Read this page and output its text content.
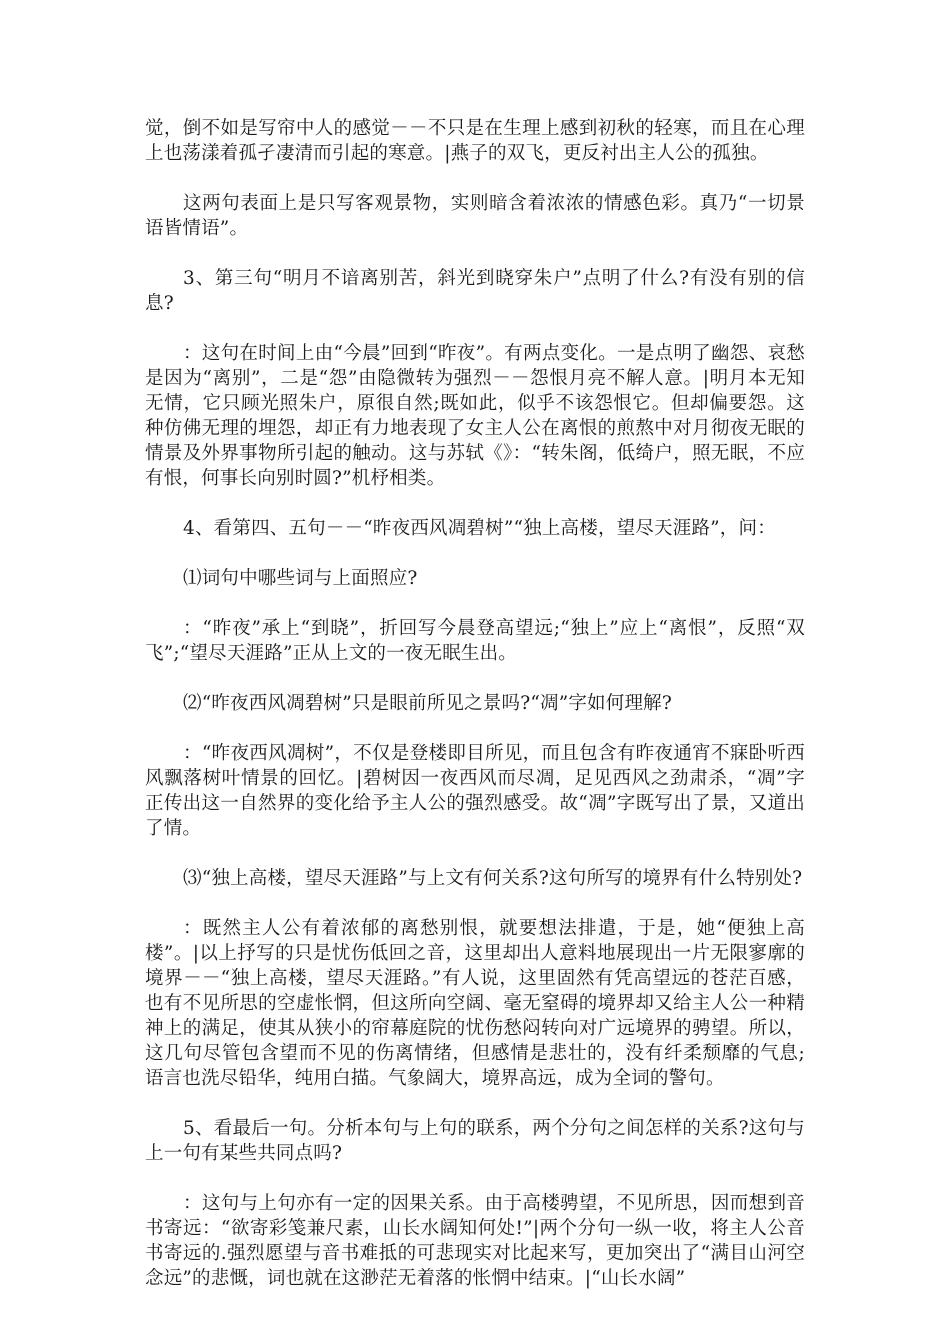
觉，倒不如是写帘中人的感觉－－不只是在生理上感到初秋的轻寒，而且在心理上也荡漾着孤孑凄清而引起的寒意。|燕子的双飞，更反衬出主人公的孤独。

这两句表面上是只写客观景物，实则暗含着浓浓的情感色彩。真乃“一切景语皆情语”。

3、第三句“明月不谙离别苦，斜光到晓穿朱户”点明了什么?有没有别的信息?

：这句在时间上由“今晨”回到“昨夜”。有两点变化。一是点明了幽怨、哀愁是因为“离别”，二是“怨”由隐微转为强烈－－怨恨月亮不解人意。|明月本无知无情，它只顾光照朱户，原很自然;既如此，似乎不该怨恨它。但却偏要怨。这种仿佛无理的埋怨，却正有力地表现了女主人公在离恨的煎熬中对月彻夜无眠的情景及外界事物所引起的触动。这与苏轼《》：“转朱阁，低绮户，照无眠，不应有恨，何事长向别时圆?”机杼相类。

4、看第四、五句－－“昨夜西风凋碧树”“独上高楼，望尽天涯路”，问：

⑴词句中哪些词与上面照应?

：“昨夜”承上“到晓”，折回写今晨登高望远;“独上”应上“离恨”，反照“双飞”;“望尽天涯路”正从上文的一夜无眠生出。

⑵“昨夜西风凋碧树”只是眼前所见之景吗?“凋”字如何理解?

：“昨夜西风凋树”，不仅是登楼即目所见，而且包含有昨夜通宵不寐卧听西风飘落树叶情景的回忆。|碧树因一夜西风而尽凋，足见西风之劲肃杀，“凋”字正传出这一自然界的变化给予主人公的强烈感受。故“凋”字既写出了景，又道出了情。

⑶“独上高楼，望尽天涯路”与上文有何关系?这句所写的境界有什么特别处?

：既然主人公有着浓郁的离愁别恨，就要想法排遣，于是，她“便独上高楼”。|以上抒写的只是忧伤低回之音，这里却出人意料地展现出一片无限寥廓的境界－－“独上高楼，望尽天涯路。”有人说，这里固然有凭高望远的苍茫百感，也有不见所思的空虚怅惘，但这所向空阔、毫无窒碍的境界却又给主人公一种精神上的满足，使其从狭小的帘幕庭院的忧伤愁闷转向对广远境界的骋望。所以，这几句尽管包含望而不见的伤离情绪，但感情是悲壮的，没有纤柔颓靡的气息;语言也洗尽铅华，纯用白描。气象阔大，境界高远，成为全词的警句。

5、看最后一句。分析本句与上句的联系，两个分句之间怎样的关系?这句与上一句有某些共同点吗?

：这句与上句亦有一定的因果关系。由于高楼骋望，不见所思，因而想到音书寄远：“欲寄彩笺兼尺素，山长水阔知何处!”|两个分句一纵一收，将主人公音书寄远的.强烈愿望与音书难抵的可悲现实对比起来写，更加突出了“满目山河空念远”的悲慨，词也就在这渺茫无着落的怅惘中结束。|“山长水阔”
